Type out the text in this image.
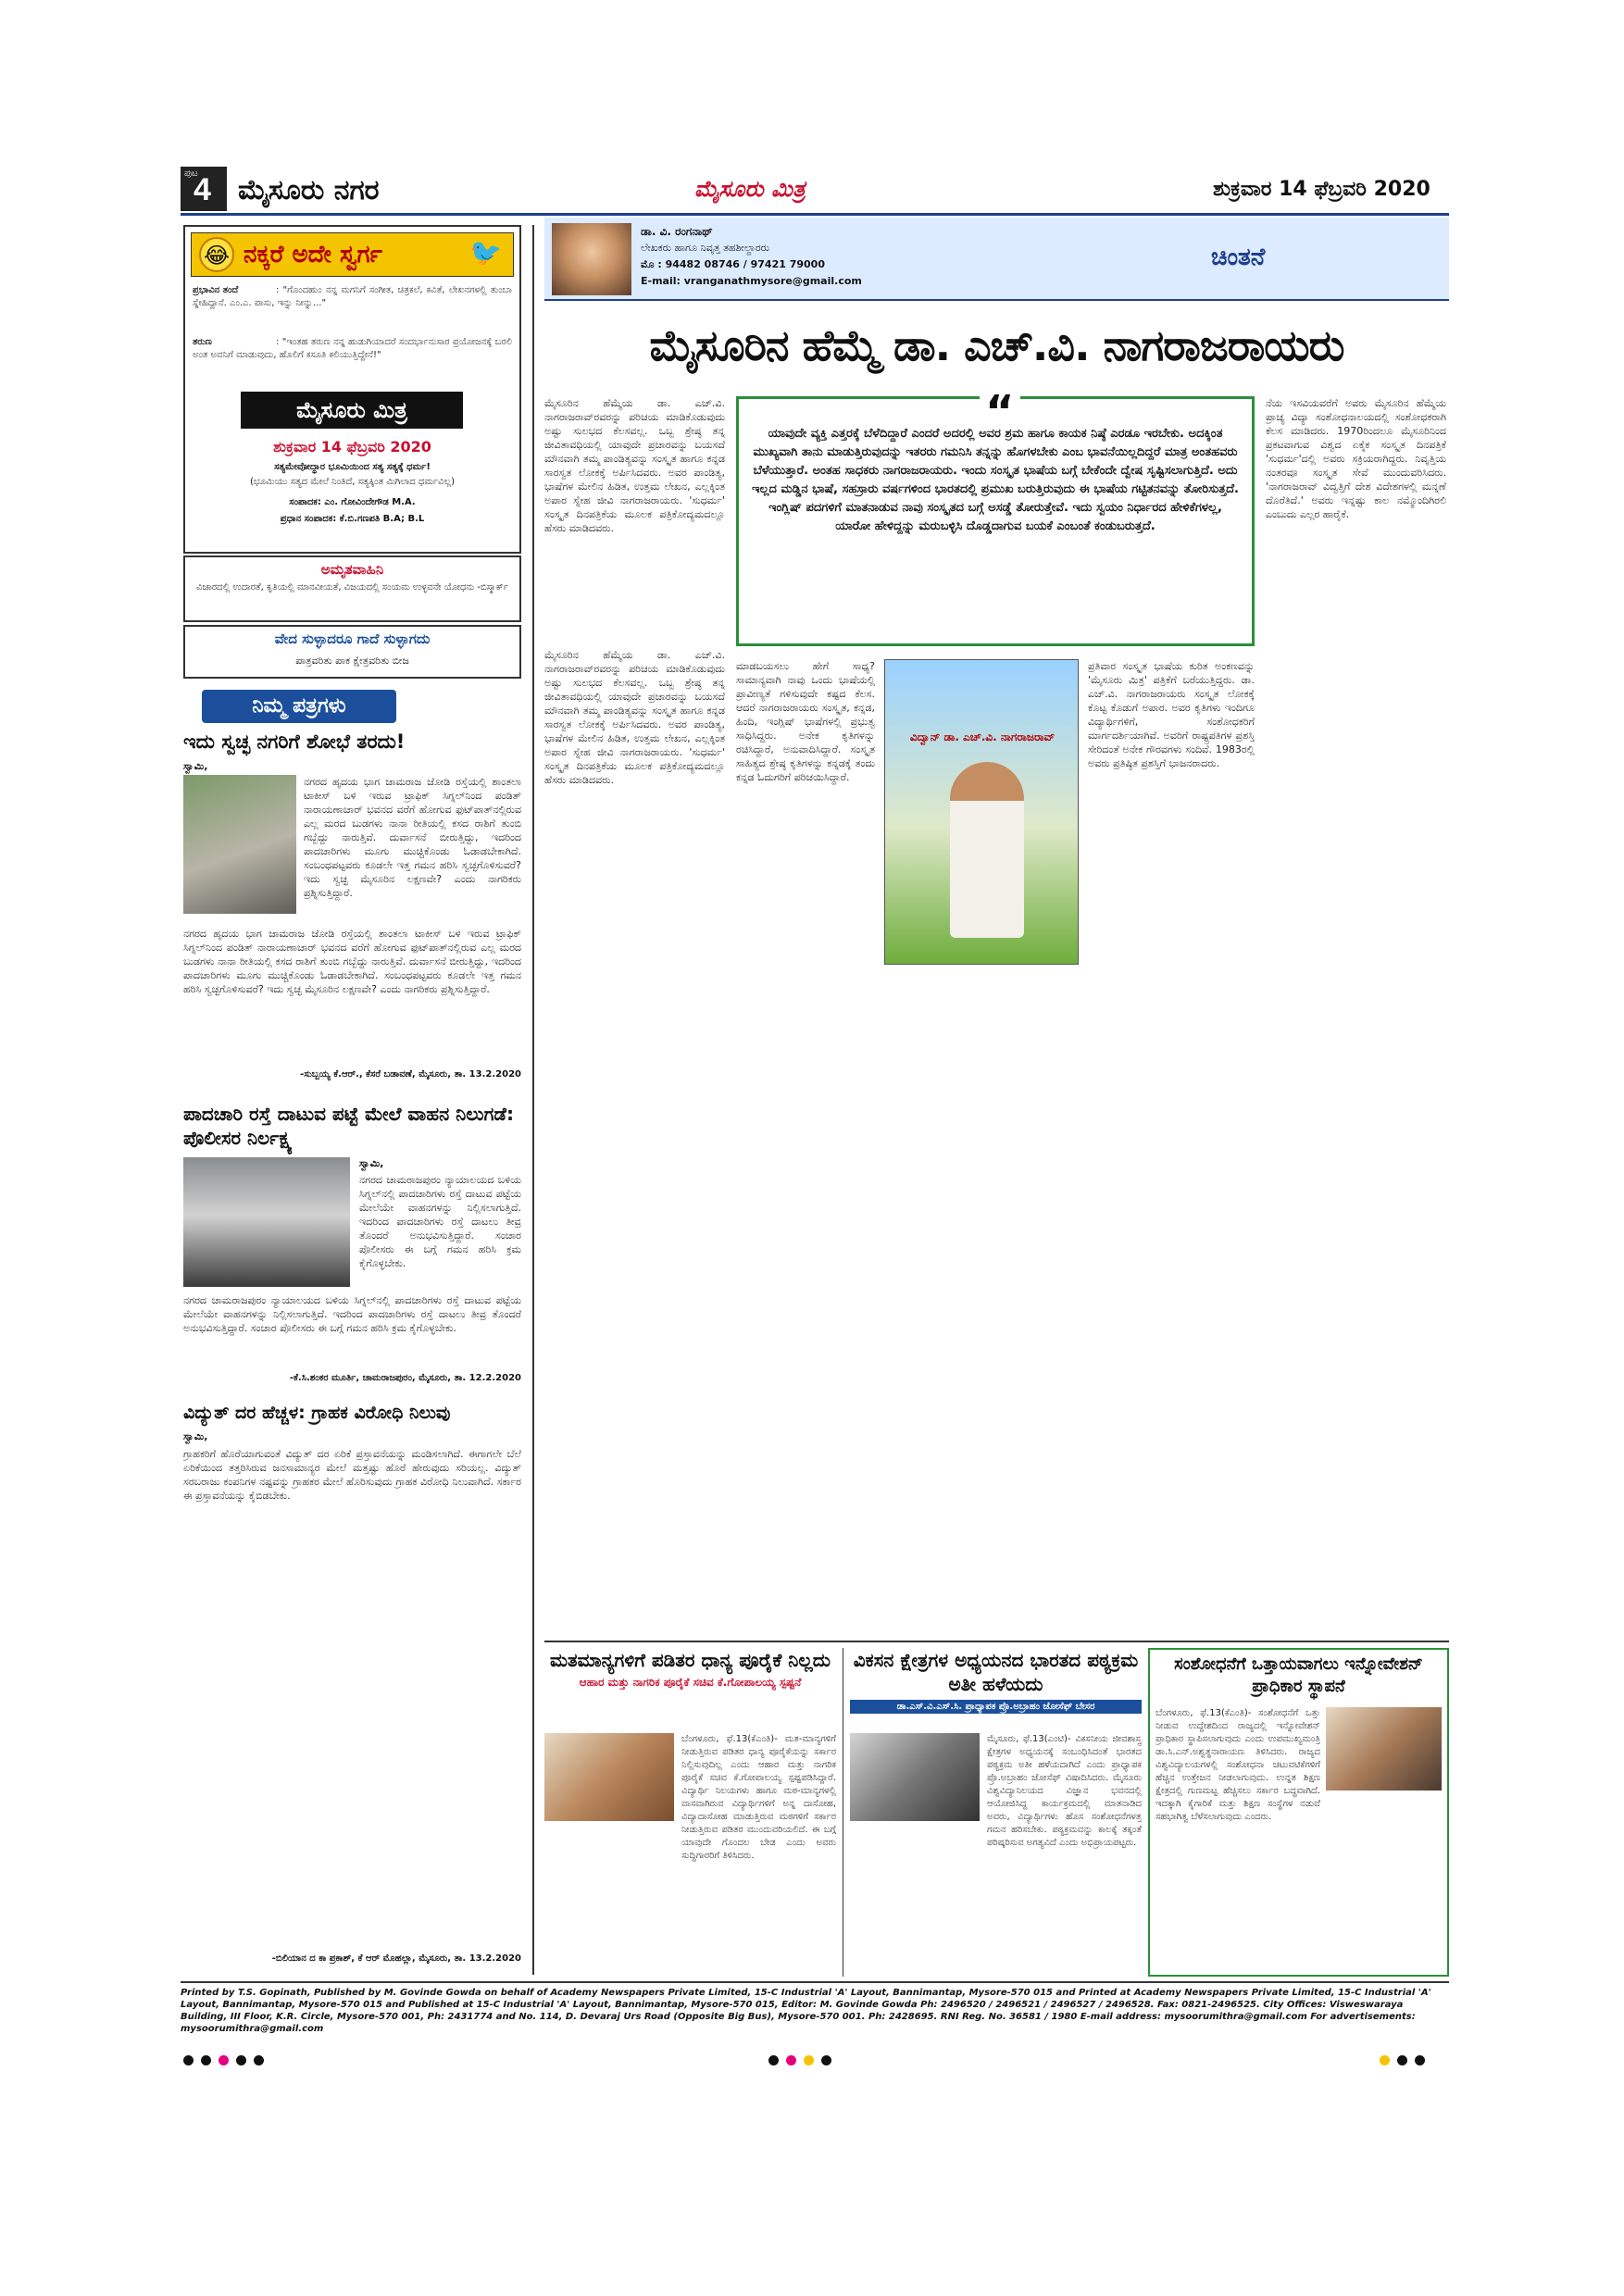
ಪುಟ
4 ಮೈಸೂರು ನಗರ	ಮೈಸೂರು ಮಿತ್ರ	ಶುಕ್ರವಾರ 14 ಫೆಬ್ರವರಿ 2020
😂 ನಕ್ಕರೆ ಅದೇ ಸ್ವರ್ಗ	🐦
ಪ್ರಭಾವಿನ ತಂದೆ	: "ಗೊಂದಹುಂ ನನ್ನ ಮಗನಿಗೆ ಸಂಗೀತ, ಚಿತ್ರಕಲೆ, ಕವಿತೆ, ಲೇಖನಗಳಲ್ಲಿ ತುಂಬಾ ಸ್ನೇಹಿದ್ದಾನೆ. ಎಂ.ಎ. ಪಾಸು, ಇನ್ನು ನೀನ್ನು..."
ತರುಣ	: "ಇಂತಹ ತರುಣ ನನ್ನ ಹುಡುಗಿಯಾದರೆ ಸಂದರ್ಭಾನುಸಾರ ಪ್ರಯೋಜನಕ್ಕೆ ಬರಲಿ ಅಂತ ಅವನಿಗೆ ಮಾಡುವುದು, ಹೊಲಿಗೆ ಕಸೂತಿ ಕಲಿಯುತ್ತಿದ್ದೇನೆ!"
ಮೈಸೂರು ಮಿತ್ರ
ಶುಕ್ರವಾರ 14 ಫೆಬ್ರವರಿ 2020
ಸತ್ಯಮೇವೋದ್ಧಾರ ಭೂಮಿಯಿಂದ ಸತ್ಯ ಸತ್ಯಕ್ಕೆ ಧರ್ಮ!
(ಭೂಮಿಯು ಸತ್ಯದ ಮೇಲೆ ನಿಂತಿದೆ, ಸತ್ಯಕ್ಕಿಂತ ಮಿಗಿಲಾದ ಧರ್ಮವಿಲ್ಲ)
ಸಂಪಾದಕ: ಎಂ. ಗೋವಿಂದೇಗೌಡ M.A.
ಪ್ರಧಾನ ಸಂಪಾದಕ: ಕೆ.ಬಿ.ಗಣಪತಿ B.A; B.L
ಅಮೃತವಾಹಿನಿ
ವಿಜಾರದಲ್ಲಿ ಉದಾರತೆ, ಕೃತಿಯಲ್ಲಿ ಮಾನವೀಯತೆ, ವಿಜಯದಲ್ಲಿ ಸಂಯಮ ಉಳ್ಳವನೇ ಯೋಧನು -ಬಿಸ್ಮಾರ್ಕ್
ವೇದ ಸುಳ್ಳಾದರೂ ಗಾದೆ ಸುಳ್ಳಾಗದು
ಪಾತ್ರವರಿತು ಪಾಕ ಕ್ಷೇತ್ರವರಿತು ಬೀಜ
ನಿಮ್ಮ ಪತ್ರಗಳು
ಇದು ಸ್ವಚ್ಛ ನಗರಿಗೆ ಶೋಭೆ ತರದು!
ಸ್ವಾಮಿ,
ನಗರದ ಹೃದಯ ಭಾಗ ಜಾಮರಾಜ ಜೋಡಿ ರಸ್ತೆಯಲ್ಲಿ ಶಾಂತಲಾ ಟಾಕೀಸ್ ಬಳಿ ಇರುವ ಟ್ರಾಫಿಕ್ ಸಿಗ್ನಲ್‌ನಿಂದ ಪಂಡಿತ್ ನಾರಾಯಣಾಚಾರ್ ಭವನದ ವರೆಗೆ ಹೋಗುವ ಫುಟ್‌ಪಾತ್‌ನಲ್ಲಿರುವ ಎಲ್ಲ ಮರದ ಬುಡಗಳು ನಾನಾ ರೀತಿಯಲ್ಲಿ ಕಸದ ರಾಶಿಗೆ ತುಂಬಿ ಗಬ್ಬೆದ್ದು ನಾರುತ್ತಿವೆ. ದುರ್ವಾಸನೆ ಬೀರುತ್ತಿದ್ದು, ಇದರಿಂದ ಪಾದಚಾರಿಗಳು ಮೂಗು ಮುಚ್ಚಿಕೊಂಡು ಓಡಾಡಬೇಕಾಗಿದೆ. ಸಂಬಂಧಪಟ್ಟವರು ಕೂಡಲೇ ಇತ್ತ ಗಮನ ಹರಿಸಿ ಸ್ವಚ್ಛಗೊಳಿಸುವರೆ? ಇದು ಸ್ವಚ್ಛ ಮೈಸೂರಿನ ಲಕ್ಷಣವೇ? ಎಂದು ನಾಗರಿಕರು ಪ್ರಶ್ನಿಸುತ್ತಿದ್ದಾರೆ.
ನಗರದ ಹೃದಯ ಭಾಗ ಜಾಮರಾಜ ಜೋಡಿ ರಸ್ತೆಯಲ್ಲಿ ಶಾಂತಲಾ ಟಾಕೀಸ್ ಬಳಿ ಇರುವ ಟ್ರಾಫಿಕ್ ಸಿಗ್ನಲ್‌ನಿಂದ ಪಂಡಿತ್ ನಾರಾಯಣಾಚಾರ್ ಭವನದ ವರೆಗೆ ಹೋಗುವ ಫುಟ್‌ಪಾತ್‌ನಲ್ಲಿರುವ ಎಲ್ಲ ಮರದ ಬುಡಗಳು ನಾನಾ ರೀತಿಯಲ್ಲಿ ಕಸದ ರಾಶಿಗೆ ತುಂಬಿ ಗಬ್ಬೆದ್ದು ನಾರುತ್ತಿವೆ. ದುರ್ವಾಸನೆ ಬೀರುತ್ತಿದ್ದು, ಇದರಿಂದ ಪಾದಚಾರಿಗಳು ಮೂಗು ಮುಚ್ಚಿಕೊಂಡು ಓಡಾಡಬೇಕಾಗಿದೆ. ಸಂಬಂಧಪಟ್ಟವರು ಕೂಡಲೇ ಇತ್ತ ಗಮನ ಹರಿಸಿ ಸ್ವಚ್ಛಗೊಳಿಸುವರೆ? ಇದು ಸ್ವಚ್ಛ ಮೈಸೂರಿನ ಲಕ್ಷಣವೇ? ಎಂದು ನಾಗರಿಕರು ಪ್ರಶ್ನಿಸುತ್ತಿದ್ದಾರೆ.
-ಸುಬ್ಬಯ್ಯ ಕೆ.ಆರ್., ಕೆಸರೆ ಬಡಾವಣೆ, ಮೈಸೂರು, ತಾ. 13.2.2020
ಪಾದಚಾರಿ ರಸ್ತೆ ದಾಟುವ ಪಟ್ಟೆ ಮೇಲೆ ವಾಹನ ನಿಲುಗಡೆ: ಪೊಲೀಸರ ನಿರ್ಲಕ್ಷ್ಯ
ಸ್ವಾಮಿ,
ನಗರದ ಚಾಮರಾಜಪುರಂ ನ್ಯಾಯಾಲಯದ ಬಳಿಯ ಸಿಗ್ನಲ್‌ನಲ್ಲಿ ಪಾದಚಾರಿಗಳು ರಸ್ತೆ ದಾಟುವ ಪಟ್ಟೆಯ ಮೇಲೆಯೇ ವಾಹನಗಳನ್ನು ನಿಲ್ಲಿಸಲಾಗುತ್ತಿದೆ. ಇದರಿಂದ ಪಾದಚಾರಿಗಳು ರಸ್ತೆ ದಾಟಲು ತೀವ್ರ ತೊಂದರೆ ಅನುಭವಿಸುತ್ತಿದ್ದಾರೆ. ಸಂಚಾರ ಪೊಲೀಸರು ಈ ಬಗ್ಗೆ ಗಮನ ಹರಿಸಿ ಕ್ರಮ ಕೈಗೊಳ್ಳಬೇಕು.
ನಗರದ ಚಾಮರಾಜಪುರಂ ನ್ಯಾಯಾಲಯದ ಬಳಿಯ ಸಿಗ್ನಲ್‌ನಲ್ಲಿ ಪಾದಚಾರಿಗಳು ರಸ್ತೆ ದಾಟುವ ಪಟ್ಟೆಯ ಮೇಲೆಯೇ ವಾಹನಗಳನ್ನು ನಿಲ್ಲಿಸಲಾಗುತ್ತಿದೆ. ಇದರಿಂದ ಪಾದಚಾರಿಗಳು ರಸ್ತೆ ದಾಟಲು ತೀವ್ರ ತೊಂದರೆ ಅನುಭವಿಸುತ್ತಿದ್ದಾರೆ. ಸಂಚಾರ ಪೊಲೀಸರು ಈ ಬಗ್ಗೆ ಗಮನ ಹರಿಸಿ ಕ್ರಮ ಕೈಗೊಳ್ಳಬೇಕು.
-ಕೆ.ಸಿ.ಶಂಕರ ಮೂರ್ತಿ, ಚಾಮರಾಜಪುರಂ, ಮೈಸೂರು, ತಾ. 12.2.2020
ವಿದ್ಯುತ್ ದರ ಹೆಚ್ಚಳ: ಗ್ರಾಹಕ ವಿರೋಧಿ ನಿಲುವು
ಸ್ವಾಮಿ,
ಗ್ರಾಹಕರಿಗೆ ಹೊರೆಯಾಗುವಂತೆ ವಿದ್ಯುತ್ ದರ ಏರಿಕೆ ಪ್ರಸ್ತಾವನೆಯನ್ನು ಮಂಡಿಸಲಾಗಿದೆ. ಈಗಾಗಲೇ ಬೆಲೆ ಏರಿಕೆಯಿಂದ ತತ್ತರಿಸಿರುವ ಜನಸಾಮಾನ್ಯರ ಮೇಲೆ ಮತ್ತಷ್ಟು ಹೊರೆ ಹೇರುವುದು ಸರಿಯಲ್ಲ. ವಿದ್ಯುತ್ ಸರಬರಾಜು ಕಂಪನಿಗಳ ನಷ್ಟವನ್ನು ಗ್ರಾಹಕರ ಮೇಲೆ ಹೊರಿಸುವುದು ಗ್ರಾಹಕ ವಿರೋಧಿ ನಿಲುವಾಗಿದೆ. ಸರ್ಕಾರ ಈ ಪ್ರಸ್ತಾವನೆಯನ್ನು ಕೈಬಿಡಬೇಕು.
-ಬಿಲಿಯಾನ ದ ಕಾ ಪ್ರಕಾಶ್, ಕೆ ಆರ್ ಮೊಹಲ್ಲಾ, ಮೈಸೂರು, ತಾ. 13.2.2020
ಡಾ. ವಿ. ರಂಗನಾಥ್
ಲೇಖಕರು ಹಾಗೂ ನಿವೃತ್ತ ತಹಶೀಲ್ದಾರರು
ಮೊ : 94482 08746 / 97421 79000
E-mail: vranganathmysore@gmail.com
ಚಿಂತನೆ
ಮೈಸೂರಿನ ಹೆಮ್ಮೆ ಡಾ. ಎಚ್.ವಿ. ನಾಗರಾಜರಾಯರು
“
ಯಾವುದೇ ವ್ಯಕ್ತಿ ಎತ್ತರಕ್ಕೆ ಬೆಳೆದಿದ್ದಾರೆ ಎಂದರೆ ಅದರಲ್ಲಿ ಅವರ ಶ್ರಮ ಹಾಗೂ ಕಾಯಕ ನಿಷ್ಠೆ ಎರಡೂ ಇರಬೇಕು. ಅದಕ್ಕಿಂತ ಮುಖ್ಯವಾಗಿ ತಾನು ಮಾಡುತ್ತಿರುವುದನ್ನು ಇತರರು ಗಮನಿಸಿ ತನ್ನನ್ನು ಹೊಗಳಬೇಕು ಎಂಬ ಭಾವನೆಯಿಲ್ಲದಿದ್ದರೆ ಮಾತ್ರ ಅಂತಹವರು ಬೆಳೆಯುತ್ತಾರೆ. ಅಂತಹ ಸಾಧಕರು ನಾಗರಾಜರಾಯರು. ಇಂದು ಸಂಸ್ಕೃತ ಭಾಷೆಯ ಬಗ್ಗೆ ಬೇಕೆಂದೇ ದ್ವೇಷ ಸೃಷ್ಟಿಸಲಾಗುತ್ತಿದೆ. ಅದು ಇಲ್ಲದ ಮಡ್ಡಿನ ಭಾಷೆ, ಸಹಸ್ರಾರು ವರ್ಷಗಳಿಂದ ಭಾರತದಲ್ಲಿ ಪ್ರಮುಖ ಬರುತ್ತಿರುವುದು ಈ ಭಾಷೆಯ ಗಟ್ಟಿತನವನ್ನು ತೋರಿಸುತ್ತದೆ. ಇಂಗ್ಲಿಷ್ ಪದಗಳಿಗೆ ಮಾತನಾಡುವ ನಾವು ಸಂಸ್ಕೃತದ ಬಗ್ಗೆ ಅಸಡ್ಡೆ ತೋರುತ್ತೇವೆ. ಇದು ಸ್ವಯಂ ನಿರ್ಧಾರದ ಹೇಳಿಕೆಗಳಲ್ಲ, ಯಾರೋ ಹೇಳಿದ್ದನ್ನು ಮರುಬಳ್ಳಿಸಿ ದೊಡ್ಡದಾಗುವ ಬಯಕೆ ಎಂಬಂತೆ ಕಂಡುಬರುತ್ತದೆ.
ಮೈಸೂರಿನ ಹೆಮ್ಮೆಯ ಡಾ. ಎಚ್.ವಿ. ನಾಗರಾಜರಾವ್‌ರವರನ್ನು ಪರಿಚಯ ಮಾಡಿಕೊಡುವುದು ಅಷ್ಟು ಸುಲಭದ ಕೆಲಸವಲ್ಲ. ಒಬ್ಬ ಶ್ರೇಷ್ಠ ತನ್ನ ಜೀವಿತಾವಧಿಯಲ್ಲಿ ಯಾವುದೇ ಪ್ರಚಾರವನ್ನು ಬಯಸದೆ ಮೌನವಾಗಿ ತಮ್ಮ ಪಾಂಡಿತ್ಯವನ್ನು ಸಂಸ್ಕೃತ ಹಾಗೂ ಕನ್ನಡ ಸಾರಸ್ವತ ಲೋಕಕ್ಕೆ ಅರ್ಪಿಸಿದವರು. ಅವರ ಪಾಂಡಿತ್ಯ, ಭಾಷೆಗಳ ಮೇಲಿನ ಹಿಡಿತ, ಉತ್ತಮ ಲೇಖನ, ಎಲ್ಲಕ್ಕಿಂತ ಅಪಾರ ಸ್ನೇಹ ಜೀವಿ ನಾಗರಾಜರಾಯರು. 'ಸುಧರ್ಮ' ಸಂಸ್ಕೃತ ದಿನಪತ್ರಿಕೆಯ ಮೂಲಕ ಪತ್ರಿಕೋದ್ಯಮದಲ್ಲೂ ಹೆಸರು ಮಾಡಿದವರು.
ಮೈಸೂರಿನ ಹೆಮ್ಮೆಯ ಡಾ. ಎಚ್.ವಿ. ನಾಗರಾಜರಾವ್‌ರವರನ್ನು ಪರಿಚಯ ಮಾಡಿಕೊಡುವುದು ಅಷ್ಟು ಸುಲಭದ ಕೆಲಸವಲ್ಲ. ಒಬ್ಬ ಶ್ರೇಷ್ಠ ತನ್ನ ಜೀವಿತಾವಧಿಯಲ್ಲಿ ಯಾವುದೇ ಪ್ರಚಾರವನ್ನು ಬಯಸದೆ ಮೌನವಾಗಿ ತಮ್ಮ ಪಾಂಡಿತ್ಯವನ್ನು ಸಂಸ್ಕೃತ ಹಾಗೂ ಕನ್ನಡ ಸಾರಸ್ವತ ಲೋಕಕ್ಕೆ ಅರ್ಪಿಸಿದವರು. ಅವರ ಪಾಂಡಿತ್ಯ, ಭಾಷೆಗಳ ಮೇಲಿನ ಹಿಡಿತ, ಉತ್ತಮ ಲೇಖನ, ಎಲ್ಲಕ್ಕಿಂತ ಅಪಾರ ಸ್ನೇಹ ಜೀವಿ ನಾಗರಾಜರಾಯರು. 'ಸುಧರ್ಮ' ಸಂಸ್ಕೃತ ದಿನಪತ್ರಿಕೆಯ ಮೂಲಕ ಪತ್ರಿಕೋದ್ಯಮದಲ್ಲೂ ಹೆಸರು ಮಾಡಿದವರು.
ಮಾಡಬಯಸಲು ಹೇಗೆ ಸಾಧ್ಯ? ಸಾಮಾನ್ಯವಾಗಿ ನಾವು ಒಂದು ಭಾಷೆಯಲ್ಲಿ ಪ್ರಾವೀಣ್ಯತೆ ಗಳಿಸುವುದೇ ಕಷ್ಟದ ಕೆಲಸ. ಆದರೆ ನಾಗರಾಜರಾಯರು ಸಂಸ್ಕೃತ, ಕನ್ನಡ, ಹಿಂದಿ, ಇಂಗ್ಲಿಷ್ ಭಾಷೆಗಳಲ್ಲಿ ಪ್ರಭುತ್ವ ಸಾಧಿಸಿದ್ದರು. ಅನೇಕ ಕೃತಿಗಳನ್ನು ರಚಿಸಿದ್ದಾರೆ, ಅನುವಾದಿಸಿದ್ದಾರೆ. ಸಂಸ್ಕೃತ ಸಾಹಿತ್ಯದ ಶ್ರೇಷ್ಠ ಕೃತಿಗಳನ್ನು ಕನ್ನಡಕ್ಕೆ ತಂದು ಕನ್ನಡ ಓದುಗರಿಗೆ ಪರಿಚಯಿಸಿದ್ದಾರೆ.
ವಿದ್ವಾನ್ ಡಾ. ಎಚ್.ವಿ. ನಾಗರಾಜರಾವ್
ಪ್ರತಿವಾರ ಸಂಸ್ಕೃತ ಭಾಷೆಯ ಕುರಿತ ಅಂಕಣವನ್ನು 'ಮೈಸೂರು ಮಿತ್ರ' ಪತ್ರಿಕೆಗೆ ಬರೆಯುತ್ತಿದ್ದರು. ಡಾ. ಎಚ್.ವಿ. ನಾಗರಾಜರಾಯರು ಸಂಸ್ಕೃತ ಲೋಕಕ್ಕೆ ಕೊಟ್ಟ ಕೊಡುಗೆ ಅಪಾರ. ಅವರ ಕೃತಿಗಳು ಇಂದಿಗೂ ವಿದ್ಯಾರ್ಥಿಗಳಿಗೆ, ಸಂಶೋಧಕರಿಗೆ ಮಾರ್ಗದರ್ಶಿಯಾಗಿವೆ. ಅವರಿಗೆ ರಾಷ್ಟ್ರಪತಿಗಳ ಪ್ರಶಸ್ತಿ ಸೇರಿದಂತೆ ಅನೇಕ ಗೌರವಗಳು ಸಂದಿವೆ. 1983ರಲ್ಲಿ ಅವರು ಪ್ರತಿಷ್ಠಿತ ಪ್ರಶಸ್ತಿಗೆ ಭಾಜನರಾದರು.
ನೆಯ ಇಸವಿಯವರೆಗೆ ಅವರು ಮೈಸೂರಿನ ಹೆಮ್ಮೆಯ ಪ್ರಾಚ್ಯ ವಿದ್ಯಾ ಸಂಶೋಧನಾಲಯದಲ್ಲಿ ಸಂಶೋಧಕರಾಗಿ ಕೆಲಸ ಮಾಡಿದರು. 1970ರಿಂದಲೂ ಮೈಸೂರಿನಿಂದ ಪ್ರಕಟವಾಗುವ ವಿಶ್ವದ ಏಕೈಕ ಸಂಸ್ಕೃತ ದಿನಪತ್ರಿಕೆ 'ಸುಧರ್ಮ'ದಲ್ಲಿ ಅವರು ಸಕ್ರಿಯರಾಗಿದ್ದರು. ನಿವೃತ್ತಿಯ ನಂತರವೂ ಸಂಸ್ಕೃತ ಸೇವೆ ಮುಂದುವರಿಸಿದರು. 'ನಾಗರಾಜರಾವ್ ವಿದ್ವತ್ತಿಗೆ ದೇಶ ವಿದೇಶಗಳಲ್ಲಿ ಮನ್ನಣೆ ದೊರೆತಿದೆ.' ಅವರು ಇನ್ನಷ್ಟು ಕಾಲ ನಮ್ಮೊಂದಿಗಿರಲಿ ಎಂಬುದು ಎಲ್ಲರ ಹಾರೈಕೆ.
ಮತಮಾನ್ಯಗಳಿಗೆ ಪಡಿತರ ಧಾನ್ಯ ಪೂರೈಕೆ ನಿಲ್ಲದು
ಆಹಾರ ಮತ್ತು ನಾಗರಿಕ ಪೂರೈಕೆ ಸಚಿವ ಕೆ.ಗೋಪಾಲಯ್ಯ ಸ್ಪಷ್ಟನೆ
ಬೆಂಗಳೂರು, ಫೆ.13(ಕೆಎಂತಿ)- ಮತ-ಮಾನ್ಯಗಳಿಗೆ ನೀಡುತ್ತಿರುವ ಪಡಿತರ ಧಾನ್ಯ ಪೂರೈಕೆಯನ್ನು ಸರ್ಕಾರ ನಿಲ್ಲಿಸುವುದಿಲ್ಲ ಎಂದು ಆಹಾರ ಮತ್ತು ನಾಗರಿಕ ಪೂರೈಕೆ ಸಚಿವ ಕೆ.ಗೋಪಾಲಯ್ಯ ಸ್ಪಷ್ಟಪಡಿಸಿದ್ದಾರೆ. ವಿದ್ಯಾರ್ಥಿ ನಿಲಯಗಳು ಹಾಗೂ ಮಠ-ಮಾನ್ಯಗಳಲ್ಲಿ ವಾಸವಾಗಿರುವ ವಿದ್ಯಾರ್ಥಿಗಳಿಗೆ ಅನ್ನ ದಾಸೋಹ, ವಿದ್ಯಾದಾಸೋಹ ಮಾಡುತ್ತಿರುವ ಮಠಗಳಿಗೆ ಸರ್ಕಾರ ನೀಡುತ್ತಿರುವ ಪಡಿತರ ಮುಂದುವರಿಯಲಿದೆ. ಈ ಬಗ್ಗೆ ಯಾವುದೇ ಗೊಂದಲ ಬೇಡ ಎಂದು ಅವರು ಸುದ್ದಿಗಾರರಿಗೆ ತಿಳಿಸಿದರು.
ವಿಕಸನ ಕ್ಷೇತ್ರಗಳ ಅಧ್ಯಯನದ ಭಾರತದ ಪಠ್ಯಕ್ರಮ ಅತೀ ಹಳೆಯದು
ಡಾ.ಎಸ್.ವಿ.ಎಸ್.ಸಿ. ಪ್ರಾಧ್ಯಾಪಕ ಪ್ರೊ.ಅಬ್ರಾಹಂ ಜೋಸೆಫ್ ಬೇಸರ
ಮೈಸೂರು, ಫೆ.13(ಎಂಟಿ)- ವಿಕಸನೀಯ ಜೀವಶಾಸ್ತ್ರ ಕ್ಷೇತ್ರಗಳ ಅಧ್ಯಯನಕ್ಕೆ ಸಂಬಂಧಿಸಿದಂತೆ ಭಾರತದ ಪಠ್ಯಕ್ರಮ ಅತೀ ಹಳೆಯದಾಗಿದೆ ಎಂದು ಪ್ರಾಧ್ಯಾಪಕ ಪ್ರೊ.ಅಬ್ರಾಹಂ ಜೋಸೆಫ್ ವಿಷಾದಿಸಿದರು. ಮೈಸೂರು ವಿಶ್ವವಿದ್ಯಾನಿಲಯದ ವಿಜ್ಞಾನ ಭವನದಲ್ಲಿ ಆಯೋಜಿಸಿದ್ದ ಕಾರ್ಯಕ್ರಮದಲ್ಲಿ ಮಾತನಾಡಿದ ಅವರು, ವಿದ್ಯಾರ್ಥಿಗಳು ಹೊಸ ಸಂಶೋಧನೆಗಳತ್ತ ಗಮನ ಹರಿಸಬೇಕು. ಪಠ್ಯಕ್ರಮವನ್ನು ಕಾಲಕ್ಕೆ ತಕ್ಕಂತೆ ಪರಿಷ್ಕರಿಸುವ ಅಗತ್ಯವಿದೆ ಎಂದು ಅಭಿಪ್ರಾಯಪಟ್ಟರು.
ಸಂಶೋಧನೆಗೆ ಒತ್ತಾಯವಾಗಲು ಇನ್ನೋವೇಶನ್ ಪ್ರಾಧಿಕಾರ ಸ್ಥಾಪನೆ
ಬೆಂಗಳೂರು, ಫೆ.13(ಕೆಎಂತಿ)- ಸಂಶೋಧನೆಗೆ ಒತ್ತು ನೀಡುವ ಉದ್ದೇಶದಿಂದ ರಾಜ್ಯದಲ್ಲಿ ಇನ್ನೋವೇಶನ್ ಪ್ರಾಧಿಕಾರ ಸ್ಥಾಪಿಸಲಾಗುವುದು ಎಂದು ಉಪಮುಖ್ಯಮಂತ್ರಿ ಡಾ.ಸಿ.ಎನ್.ಅಶ್ವತ್ಥನಾರಾಯಣ ತಿಳಿಸಿದರು. ರಾಜ್ಯದ ವಿಶ್ವವಿದ್ಯಾಲಯಗಳಲ್ಲಿ ಸಂಶೋಧನಾ ಚಟುವಟಿಕೆಗಳಿಗೆ ಹೆಚ್ಚಿನ ಉತ್ತೇಜನ ನೀಡಲಾಗುವುದು. ಉನ್ನತ ಶಿಕ್ಷಣ ಕ್ಷೇತ್ರದಲ್ಲಿ ಗುಣಮಟ್ಟ ಹೆಚ್ಚಿಸಲು ಸರ್ಕಾರ ಬದ್ಧವಾಗಿದೆ. ಇದಕ್ಕಾಗಿ ಕೈಗಾರಿಕೆ ಮತ್ತು ಶಿಕ್ಷಣ ಸಂಸ್ಥೆಗಳ ನಡುವೆ ಸಹಭಾಗಿತ್ವ ಬೆಳೆಸಲಾಗುವುದು ಎಂದರು.
Printed by T.S. Gopinath, Published by M. Govinde Gowda on behalf of Academy Newspapers Private Limited, 15-C Industrial 'A' Layout, Bannimantap, Mysore-570 015 and Printed at Academy Newspapers Private Limited, 15-C Industrial 'A' Layout, Bannimantap, Mysore-570 015 and Published at 15-C Industrial 'A' Layout, Bannimantap, Mysore-570 015, Editor: M. Govinde Gowda Ph: 2496520 / 2496521 / 2496527 / 2496528. Fax: 0821-2496525. City Offices: Visweswaraya Building, III Floor, K.R. Circle, Mysore-570 001, Ph: 2431774 and No. 114, D. Devaraj Urs Road (Opposite Big Bus), Mysore-570 001. Ph: 2428695. RNI Reg. No. 36581 / 1980 E-mail address: mysoorumithra@gmail.com For advertisements: mysoorumithra@gmail.com
